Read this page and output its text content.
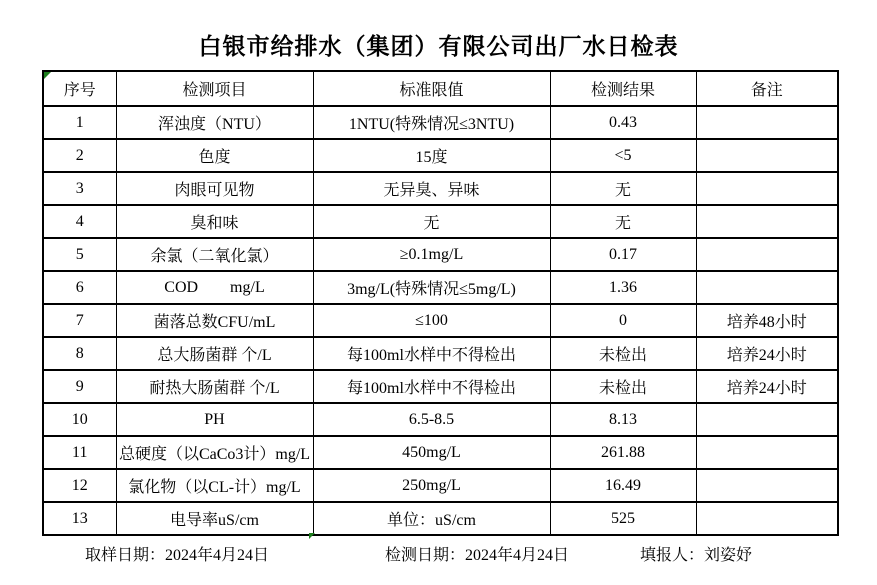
白银市给排水（集团）有限公司出厂水日检表
序号	检测项目	标准限值	检测结果	备注
1	浑浊度（NTU）	1NTU(特殊情况≤3NTU)	0.43	
2	色度	15度	<5	
3	肉眼可见物	无异臭、异味	无	
4	臭和味	无	无	
5	余氯（二氧化氯）	≥0.1mg/L	0.17	
6	COD        mg/L	3mg/L(特殊情况≤5mg/L)	1.36	
7	菌落总数CFU/mL	≤100	0	培养48小时
8	总大肠菌群 个/L	每100ml水样中不得检出	未检出	培养24小时
9	耐热大肠菌群 个/L	每100ml水样中不得检出	未检出	培养24小时
10	PH	6.5-8.5	8.13	
11	总硬度（以CaCo3计）mg/L	450mg/L	261.88	
12	氯化物（以CL-计）mg/L	250mg/L	16.49	
13	电导率uS/cm	单位：uS/cm	525	
取样日期：2024年4月24日	检测日期：2024年4月24日	填报人：刘姿妤
